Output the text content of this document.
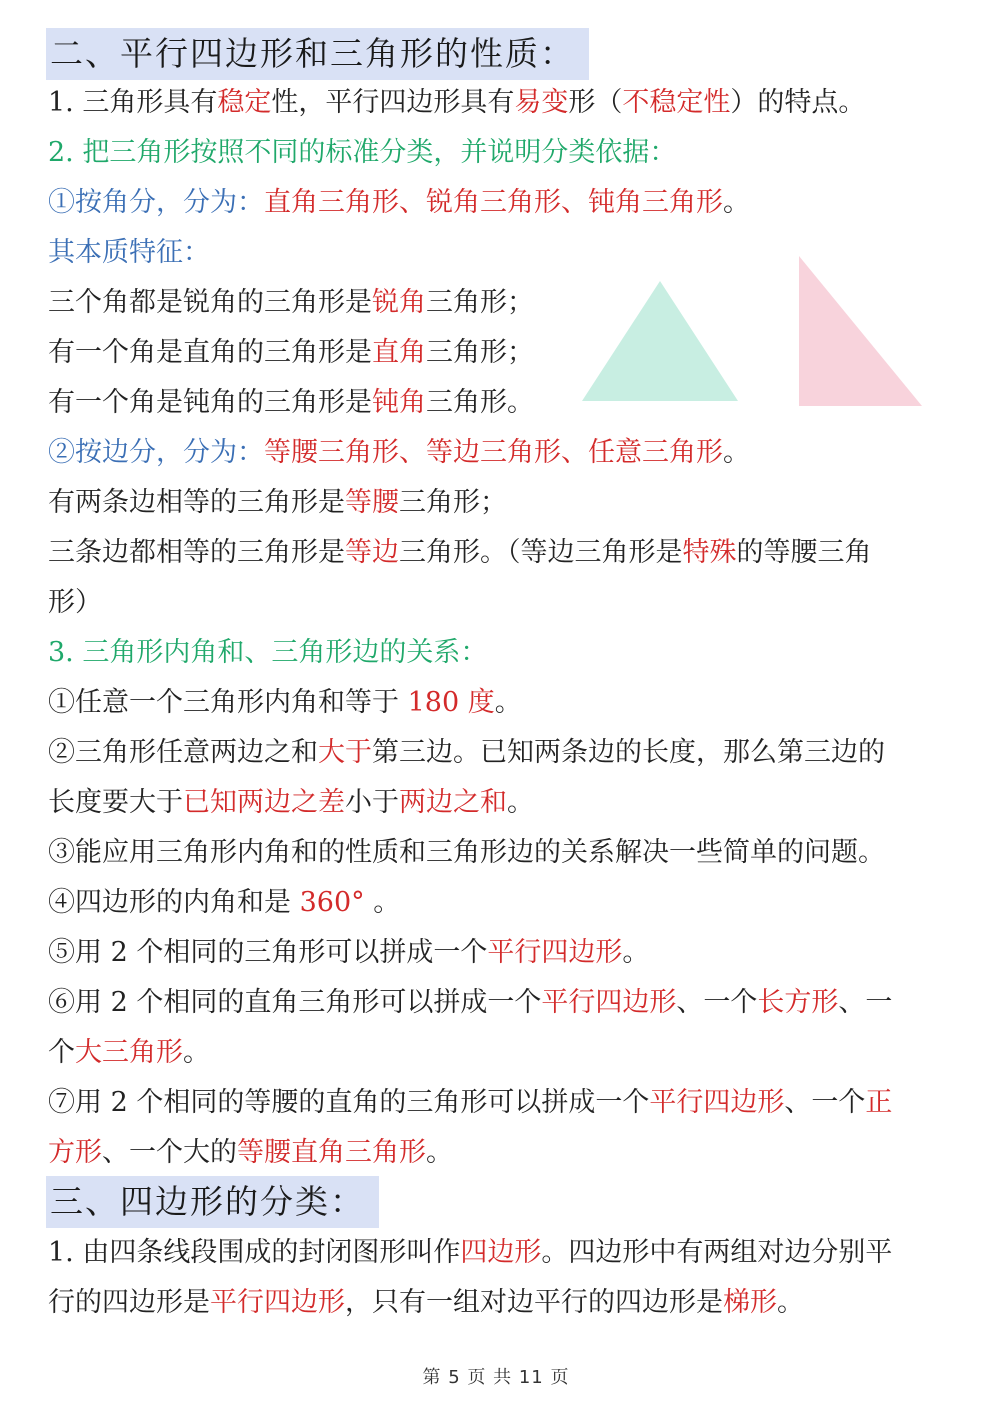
二、平行四边形和三角形的性质：
1. 三角形具有稳定性，平行四边形具有易变形（不稳定性）的特点。
2. 把三角形按照不同的标准分类，并说明分类依据：
①按角分，分为：直角三角形、锐角三角形、钝角三角形。
其本质特征：
三个角都是锐角的三角形是锐角三角形；
有一个角是直角的三角形是直角三角形；
有一个角是钝角的三角形是钝角三角形。
②按边分，分为：等腰三角形、等边三角形、任意三角形。
有两条边相等的三角形是等腰三角形；
三条边都相等的三角形是等边三角形。（等边三角形是特殊的等腰三角
形）
3. 三角形内角和、三角形边的关系：
①任意一个三角形内角和等于 180 度。
②三角形任意两边之和大于第三边。已知两条边的长度，那么第三边的
长度要大于已知两边之差小于两边之和。
③能应用三角形内角和的性质和三角形边的关系解决一些简单的问题。
④四边形的内角和是 360° 。
⑤用 2 个相同的三角形可以拼成一个平行四边形。
⑥用 2 个相同的直角三角形可以拼成一个平行四边形、一个长方形、一
个大三角形。
⑦用 2 个相同的等腰的直角的三角形可以拼成一个平行四边形、一个正
方形、一个大的等腰直角三角形。
三、四边形的分类：
1. 由四条线段围成的封闭图形叫作四边形。四边形中有两组对边分别平
行的四边形是平行四边形，只有一组对边平行的四边形是梯形。
第 5 页 共 11 页
